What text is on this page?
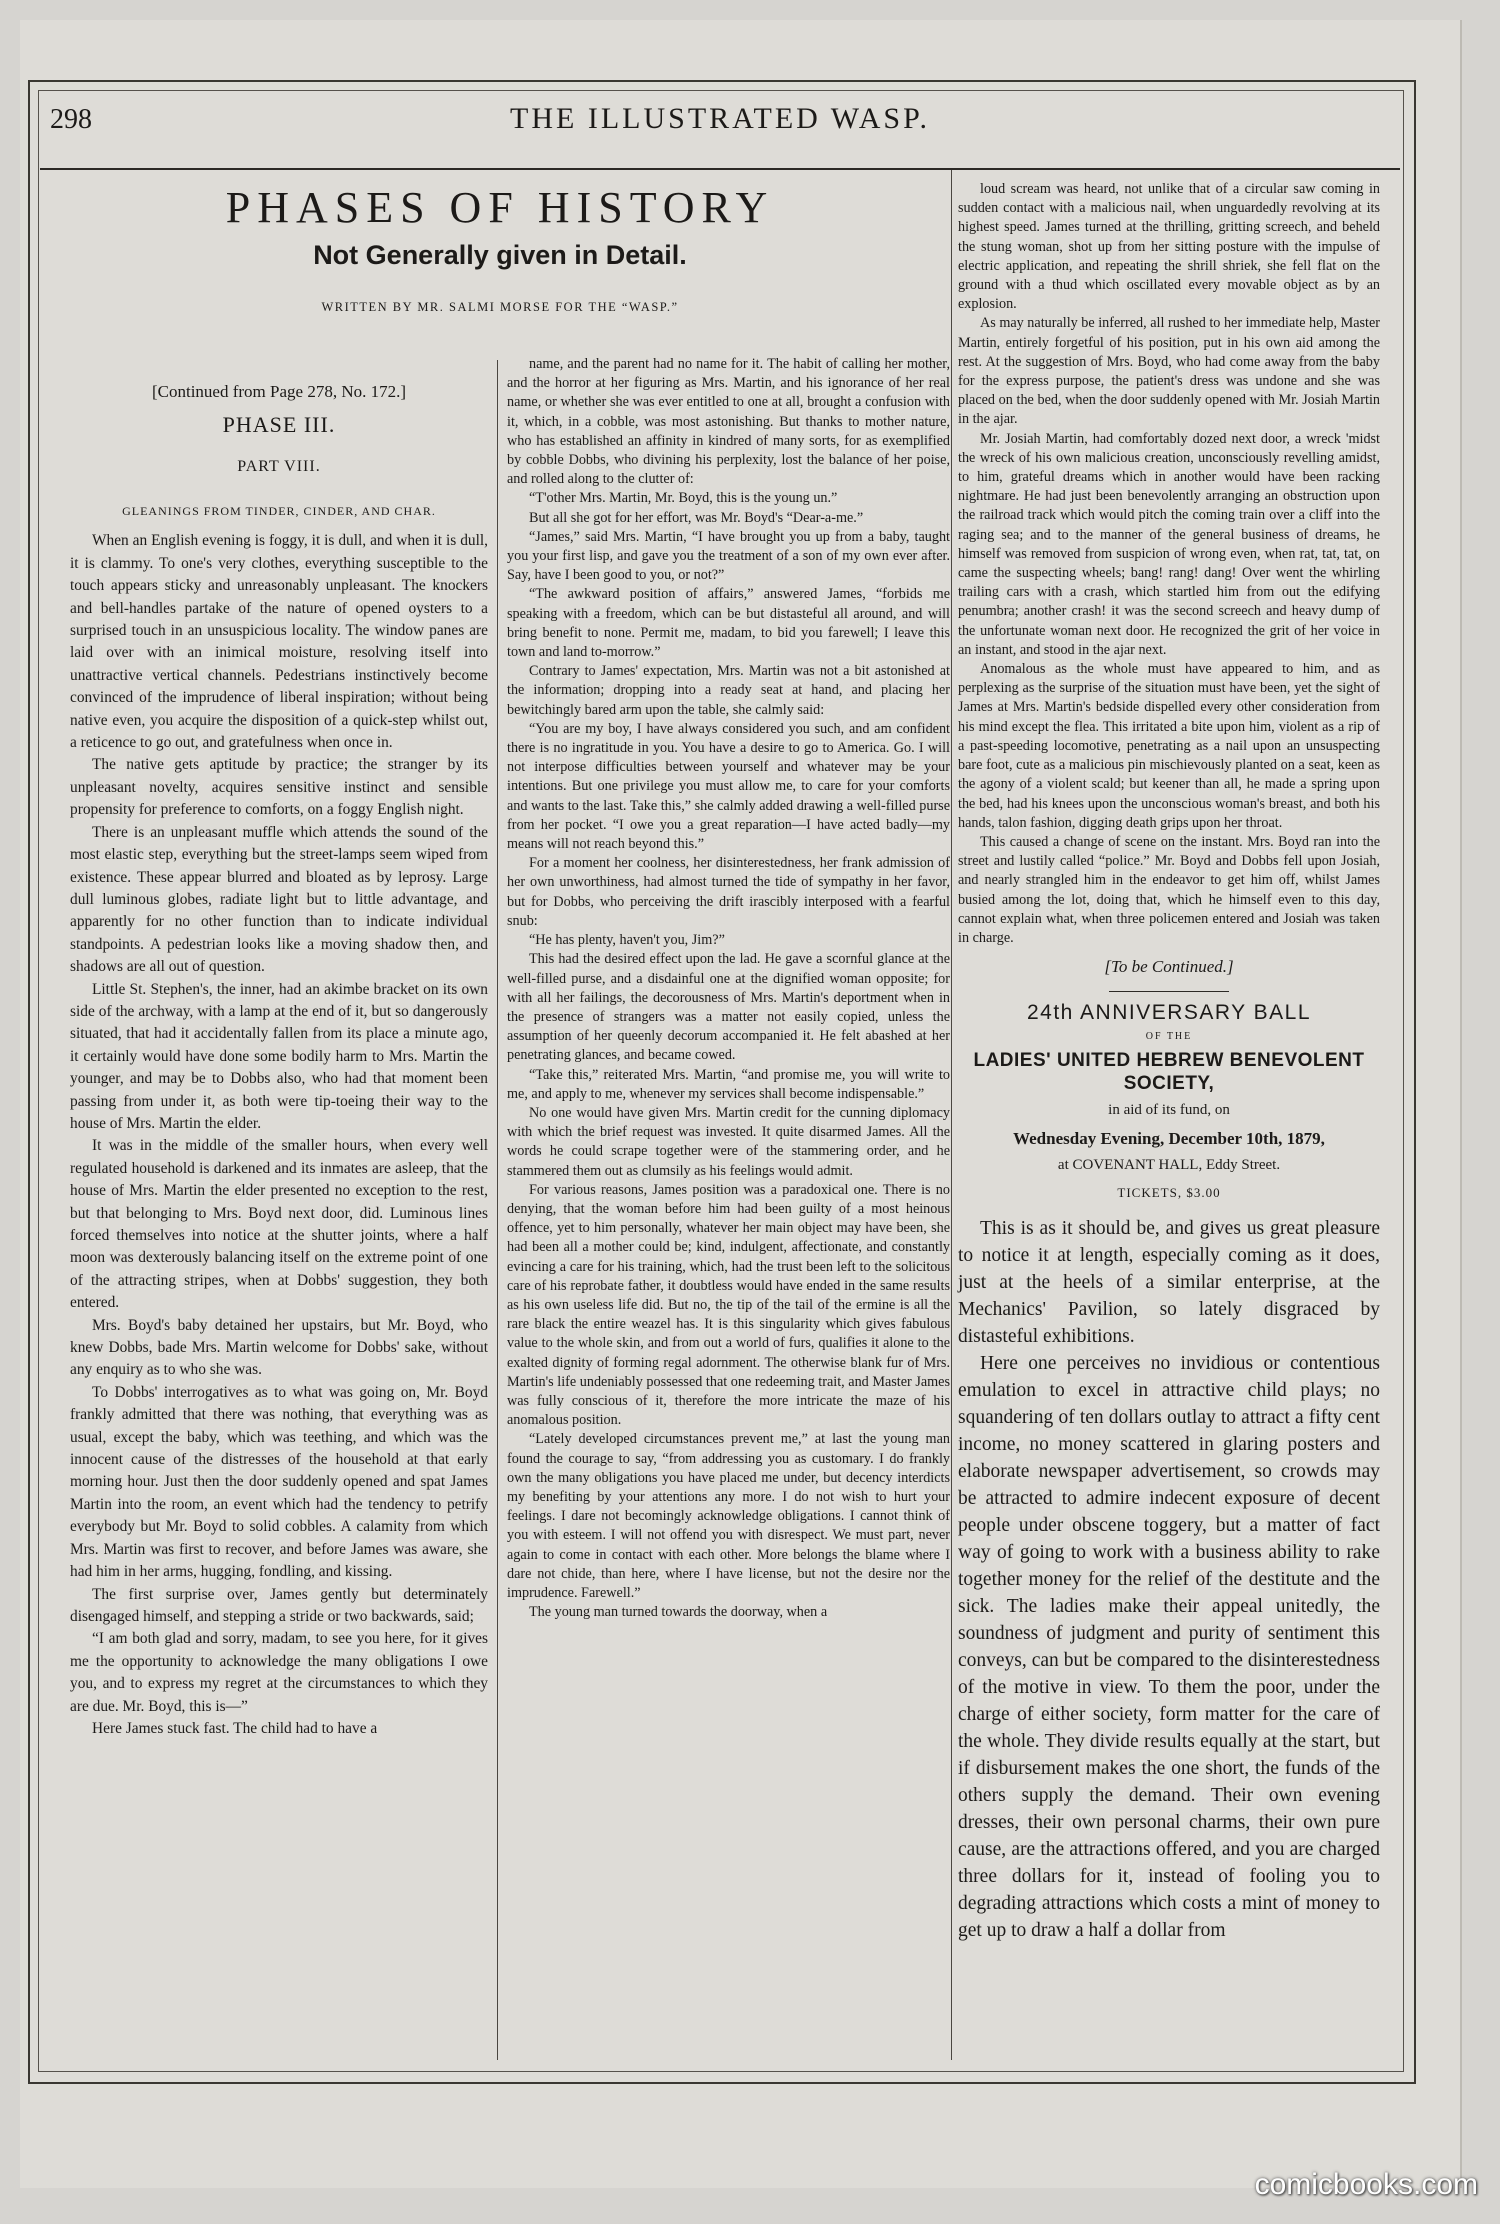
298	THE ILLUSTRATED WASP.
PHASES OF HISTORY
Not Generally given in Detail.
WRITTEN BY MR. SALMI MORSE FOR THE “WASP.”
[Continued from Page 278, No. 172.]
PHASE III.
PART VIII.
GLEANINGS FROM TINDER, CINDER, AND CHAR.

When an English evening is foggy, it is dull, and when it is dull, it is clammy. To one's very clothes, everything susceptible to the touch appears sticky and unreasonably unpleasant. The knockers and bell-handles partake of the nature of opened oysters to a surprised touch in an unsuspicious locality. The window panes are laid over with an inimical moisture, resolving itself into unattractive vertical channels. Pedestrians instinctively become convinced of the imprudence of liberal inspiration; without being native even, you acquire the disposition of a quick-step whilst out, a reticence to go out, and gratefulness when once in.

The native gets aptitude by practice; the stranger by its unpleasant novelty, acquires sensitive instinct and sensible propensity for preference to comforts, on a foggy English night.

There is an unpleasant muffle which attends the sound of the most elastic step, everything but the street-lamps seem wiped from existence. These appear blurred and bloated as by leprosy. Large dull luminous globes, radiate light but to little advantage, and apparently for no other function than to indicate individual standpoints. A pedestrian looks like a moving shadow then, and shadows are all out of question.

Little St. Stephen's, the inner, had an akimbe bracket on its own side of the archway, with a lamp at the end of it, but so dangerously situated, that had it accidentally fallen from its place a minute ago, it certainly would have done some bodily harm to Mrs. Martin the younger, and may be to Dobbs also, who had that moment been passing from under it, as both were tip-toeing their way to the house of Mrs. Martin the elder.

It was in the middle of the smaller hours, when every well regulated household is darkened and its inmates are asleep, that the house of Mrs. Martin the elder presented no exception to the rest, but that belonging to Mrs. Boyd next door, did. Luminous lines forced themselves into notice at the shutter joints, where a half moon was dexterously balancing itself on the extreme point of one of the attracting stripes, when at Dobbs' suggestion, they both entered.

Mrs. Boyd's baby detained her upstairs, but Mr. Boyd, who knew Dobbs, bade Mrs. Martin welcome for Dobbs' sake, without any enquiry as to who she was.

To Dobbs' interrogatives as to what was going on, Mr. Boyd frankly admitted that there was nothing, that everything was as usual, except the baby, which was teething, and which was the innocent cause of the distresses of the household at that early morning hour. Just then the door suddenly opened and spat James Martin into the room, an event which had the tendency to petrify everybody but Mr. Boyd to solid cobbles. A calamity from which Mrs. Martin was first to recover, and before James was aware, she had him in her arms, hugging, fondling, and kissing.

The first surprise over, James gently but determinately disengaged himself, and stepping a stride or two backwards, said;

“I am both glad and sorry, madam, to see you here, for it gives me the opportunity to acknowledge the many obligations I owe you, and to express my regret at the circumstances to which they are due. Mr. Boyd, this is—”

Here James stuck fast. The child had to have a

name, and the parent had no name for it. The habit of calling her mother, and the horror at her figuring as Mrs. Martin, and his ignorance of her real name, or whether she was ever entitled to one at all, brought a confusion with it, which, in a cobble, was most astonishing. But thanks to mother nature, who has established an affinity in kindred of many sorts, for as exemplified by cobble Dobbs, who divining his perplexity, lost the balance of her poise, and rolled along to the clutter of:

“T'other Mrs. Martin, Mr. Boyd, this is the young un.”

But all she got for her effort, was Mr. Boyd's “Dear-a-me.”

“James,” said Mrs. Martin, “I have brought you up from a baby, taught you your first lisp, and gave you the treatment of a son of my own ever after. Say, have I been good to you, or not?”

“The awkward position of affairs,” answered James, “forbids me speaking with a freedom, which can be but distasteful all around, and will bring benefit to none. Permit me, madam, to bid you farewell; I leave this town and land to-morrow.”

Contrary to James' expectation, Mrs. Martin was not a bit astonished at the information; dropping into a ready seat at hand, and placing her bewitchingly bared arm upon the table, she calmly said:

“You are my boy, I have always considered you such, and am confident there is no ingratitude in you. You have a desire to go to America. Go. I will not interpose difficulties between yourself and whatever may be your intentions. But one privilege you must allow me, to care for your comforts and wants to the last. Take this,” she calmly added drawing a well-filled purse from her pocket. “I owe you a great reparation—I have acted badly—my means will not reach beyond this.”

For a moment her coolness, her disinterestedness, her frank admission of her own unworthiness, had almost turned the tide of sympathy in her favor, but for Dobbs, who perceiving the drift irascibly interposed with a fearful snub:

“He has plenty, haven't you, Jim?”

This had the desired effect upon the lad. He gave a scornful glance at the well-filled purse, and a disdainful one at the dignified woman opposite; for with all her failings, the decorousness of Mrs. Martin's deportment when in the presence of strangers was a matter not easily copied, unless the assumption of her queenly decorum accompanied it. He felt abashed at her penetrating glances, and became cowed.

“Take this,” reiterated Mrs. Martin, “and promise me, you will write to me, and apply to me, whenever my services shall become indispensable.”

No one would have given Mrs. Martin credit for the cunning diplomacy with which the brief request was invested. It quite disarmed James. All the words he could scrape together were of the stammering order, and he stammered them out as clumsily as his feelings would admit.

For various reasons, James position was a paradoxical one. There is no denying, that the woman before him had been guilty of a most heinous offence, yet to him personally, whatever her main object may have been, she had been all a mother could be; kind, indulgent, affectionate, and constantly evincing a care for his training, which, had the trust been left to the solicitous care of his reprobate father, it doubtless would have ended in the same results as his own useless life did. But no, the tip of the tail of the ermine is all the rare black the entire weazel has. It is this singularity which gives fabulous value to the whole skin, and from out a world of furs, qualifies it alone to the exalted dignity of forming regal adornment. The otherwise blank fur of Mrs. Martin's life undeniably possessed that one redeeming trait, and Master James was fully conscious of it, therefore the more intricate the maze of his anomalous position.

“Lately developed circumstances prevent me,” at last the young man found the courage to say, “from addressing you as customary. I do frankly own the many obligations you have placed me under, but decency interdicts my benefiting by your attentions any more. I do not wish to hurt your feelings. I dare not becomingly acknowledge obligations. I cannot think of you with esteem. I will not offend you with disrespect. We must part, never again to come in contact with each other. More belongs the blame where I dare not chide, than here, where I have license, but not the desire nor the imprudence. Farewell.”

The young man turned towards the doorway, when a

loud scream was heard, not unlike that of a circular saw coming in sudden contact with a malicious nail, when unguardedly revolving at its highest speed. James turned at the thrilling, gritting screech, and beheld the stung woman, shot up from her sitting posture with the impulse of electric application, and repeating the shrill shriek, she fell flat on the ground with a thud which oscillated every movable object as by an explosion.

As may naturally be inferred, all rushed to her immediate help, Master Martin, entirely forgetful of his position, put in his own aid among the rest. At the suggestion of Mrs. Boyd, who had come away from the baby for the express purpose, the patient's dress was undone and she was placed on the bed, when the door suddenly opened with Mr. Josiah Martin in the ajar.

Mr. Josiah Martin, had comfortably dozed next door, a wreck 'midst the wreck of his own malicious creation, unconsciously revelling amidst, to him, grateful dreams which in another would have been racking nightmare. He had just been benevolently arranging an obstruction upon the railroad track which would pitch the coming train over a cliff into the raging sea; and to the manner of the general business of dreams, he himself was removed from suspicion of wrong even, when rat, tat, tat, on came the suspecting wheels; bang! rang! dang! Over went the whirling trailing cars with a crash, which startled him from out the edifying penumbra; another crash! it was the second screech and heavy dump of the unfortunate woman next door. He recognized the grit of her voice in an instant, and stood in the ajar next.

Anomalous as the whole must have appeared to him, and as perplexing as the surprise of the situation must have been, yet the sight of James at Mrs. Martin's bedside dispelled every other consideration from his mind except the flea. This irritated a bite upon him, violent as a rip of a past-speeding locomotive, penetrating as a nail upon an unsuspecting bare foot, cute as a malicious pin mischievously planted on a seat, keen as the agony of a violent scald; but keener than all, he made a spring upon the bed, had his knees upon the unconscious woman's breast, and both his hands, talon fashion, digging death grips upon her throat.

This caused a change of scene on the instant. Mrs. Boyd ran into the street and lustily called “police.” Mr. Boyd and Dobbs fell upon Josiah, and nearly strangled him in the endeavor to get him off, whilst James busied among the lot, doing that, which he himself even to this day, cannot explain what, when three policemen entered and Josiah was taken in charge.

[To be Continued.]
24th ANNIVERSARY BALL
OF THE
LADIES' UNITED HEBREW BENEVOLENT SOCIETY,
in aid of its fund, on
Wednesday Evening, December 10th, 1879,
at COVENANT HALL, Eddy Street.
TICKETS, $3.00

This is as it should be, and gives us great pleasure to notice it at length, especially coming as it does, just at the heels of a similar enterprise, at the Mechanics' Pavilion, so lately disgraced by distasteful exhibitions.

Here one perceives no invidious or contentious emulation to excel in attractive child plays; no squandering of ten dollars outlay to attract a fifty cent income, no money scattered in glaring posters and elaborate newspaper advertisement, so crowds may be attracted to admire indecent exposure of decent people under obscene toggery, but a matter of fact way of going to work with a business ability to rake together money for the relief of the destitute and the sick. The ladies make their appeal unitedly, the soundness of judgment and purity of sentiment this conveys, can but be compared to the disinterestedness of the motive in view. To them the poor, under the charge of either society, form matter for the care of the whole. They divide results equally at the start, but if disbursement makes the one short, the funds of the others supply the demand. Their own evening dresses, their own personal charms, their own pure cause, are the attractions offered, and you are charged three dollars for it, instead of fooling you to degrading attractions which costs a mint of money to get up to draw a half a dollar from

comicbooks.com
